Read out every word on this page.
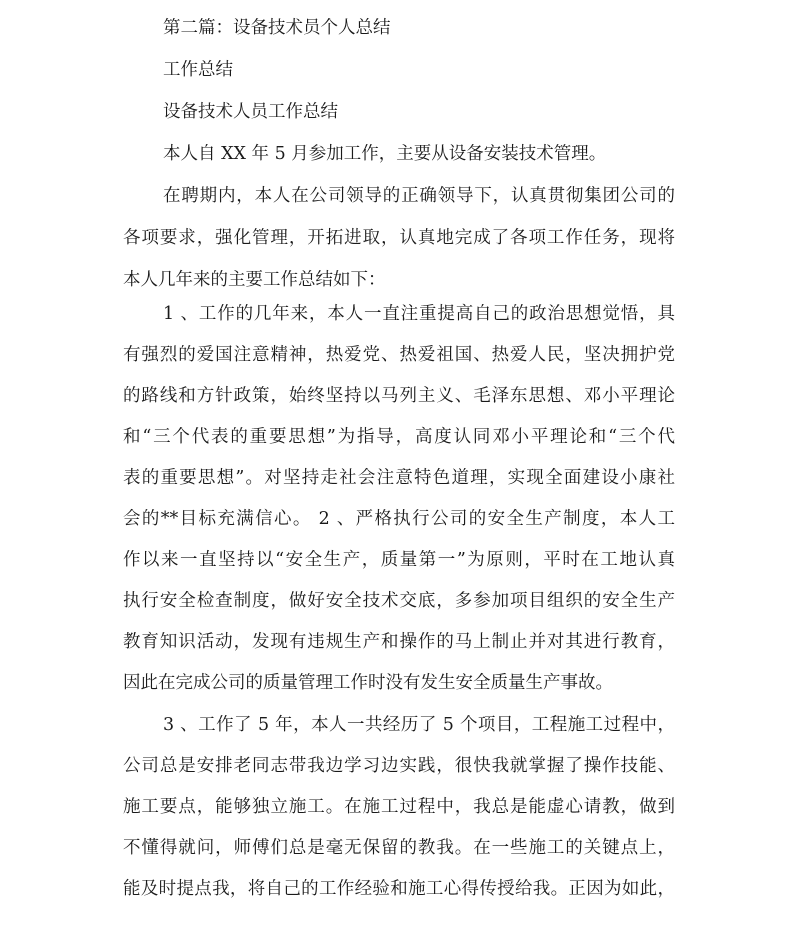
第二篇：设备技术员个人总结
工作总结
设备技术人员工作总结
本人自 XX 年 5 月参加工作，主要从设备安装技术管理。
在聘期内，本人在公司领导的正确领导下，认真贯彻集团公司的
各项要求，强化管理，开拓进取，认真地完成了各项工作任务，现将
本人几年来的主要工作总结如下：
1 、工作的几年来，本人一直注重提高自己的政治思想觉悟，具
有强烈的爱国注意精神，热爱党、热爱祖国、热爱人民，坚决拥护党
的路线和方针政策，始终坚持以马列主义、毛泽东思想、邓小平理论
和“三个代表的重要思想”为指导，高度认同邓小平理论和“三个代
表的重要思想”。对坚持走社会注意特色道理，实现全面建设小康社
会的**目标充满信心。 2 、严格执行公司的安全生产制度，本人工
作以来一直坚持以“安全生产，质量第一”为原则，平时在工地认真
执行安全检查制度，做好安全技术交底，多参加项目组织的安全生产
教育知识活动，发现有违规生产和操作的马上制止并对其进行教育，
因此在完成公司的质量管理工作时没有发生安全质量生产事故。
3 、工作了 5 年，本人一共经历了 5 个项目，工程施工过程中，
公司总是安排老同志带我边学习边实践，很快我就掌握了操作技能、
施工要点，能够独立施工。在施工过程中，我总是能虚心请教，做到
不懂得就问，师傅们总是毫无保留的教我。在一些施工的关键点上，
能及时提点我，将自己的工作经验和施工心得传授给我。正因为如此，
